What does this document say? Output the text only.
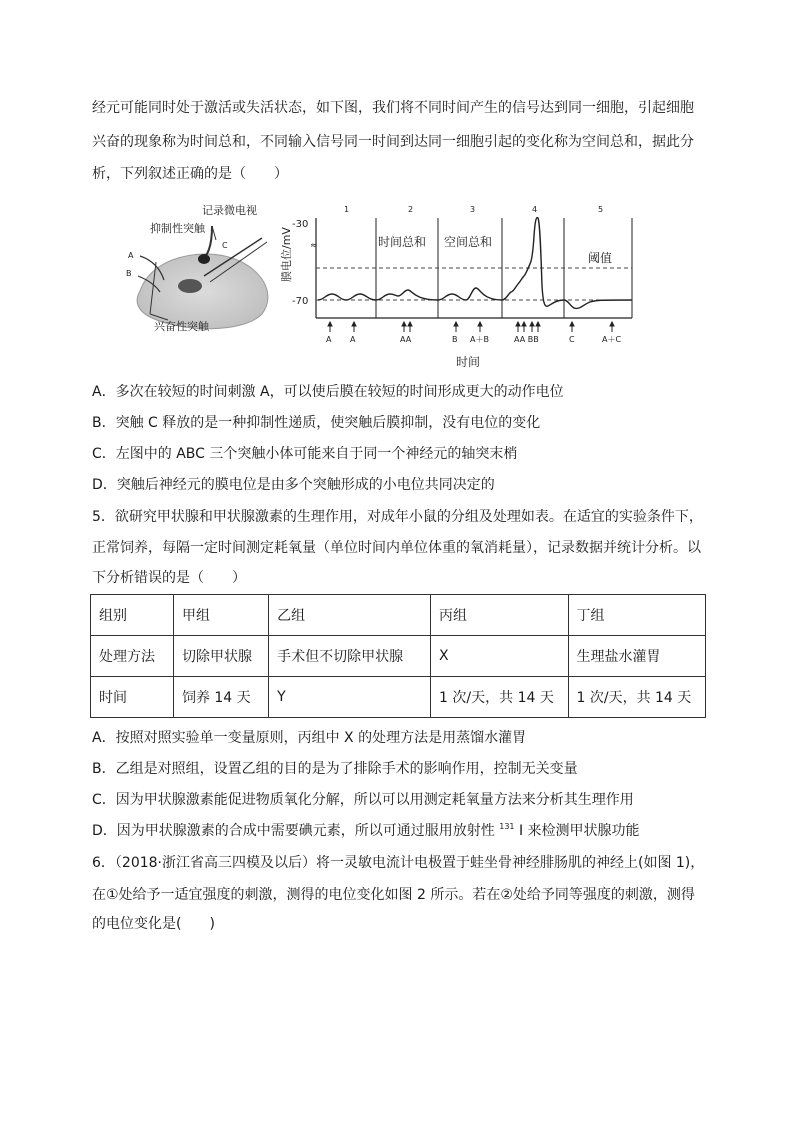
经元可能同时处于激活或失活状态，如下图，我们将不同时间产生的信号达到同一细胞，引起细胞
兴奋的现象称为时间总和，不同输入信号同一时间到达同一细胞引起的变化称为空间总和，据此分
析，下列叙述正确的是（　　）
记录微电视
抑制性突触
兴奋性突触
A
B
C	≈
-30
-70
膜电位/mV
1	2	3	4	5
时间总和 空间总和
阈值
A A	AA	B A＋B	AA BB	C	A＋C
时间
A．多次在较短的时间刺激 A，可以使后膜在较短的时间形成更大的动作电位
B．突触 C 释放的是一种抑制性递质，使突触后膜抑制，没有电位的变化
C．左图中的 ABC 三个突触小体可能来自于同一个神经元的轴突末梢
D．突触后神经元的膜电位是由多个突触形成的小电位共同决定的
5．欲研究甲状腺和甲状腺激素的生理作用，对成年小鼠的分组及处理如表。在适宜的实验条件下，
正常饲养，每隔一定时间测定耗氧量（单位时间内单位体重的氧消耗量），记录数据并统计分析。以
下分析错误的是（　　）
组别	甲组	乙组	丙组	丁组
处理方法	切除甲状腺	手术但不切除甲状腺	X	生理盐水灌胃
时间	饲养 14 天	Y	1 次/天，共 14 天	1 次/天，共 14 天
A．按照对照实验单一变量原则，丙组中 X 的处理方法是用蒸馏水灌胃
B．乙组是对照组，设置乙组的目的是为了排除手术的影响作用，控制无关变量
C．因为甲状腺激素能促进物质氧化分解，所以可以用测定耗氧量方法来分析其生理作用
D．因为甲状腺激素的合成中需要碘元素，所以可通过服用放射性 $^{131}$ I 来检测甲状腺功能
6．（2018·浙江省高三四模及以后）将一灵敏电流计电极置于蛙坐骨神经腓肠肌的神经上(如图 1)，
在①处给予一适宜强度的刺激，测得的电位变化如图 2 所示。若在②处给予同等强度的刺激，测得
的电位变化是(　　)
